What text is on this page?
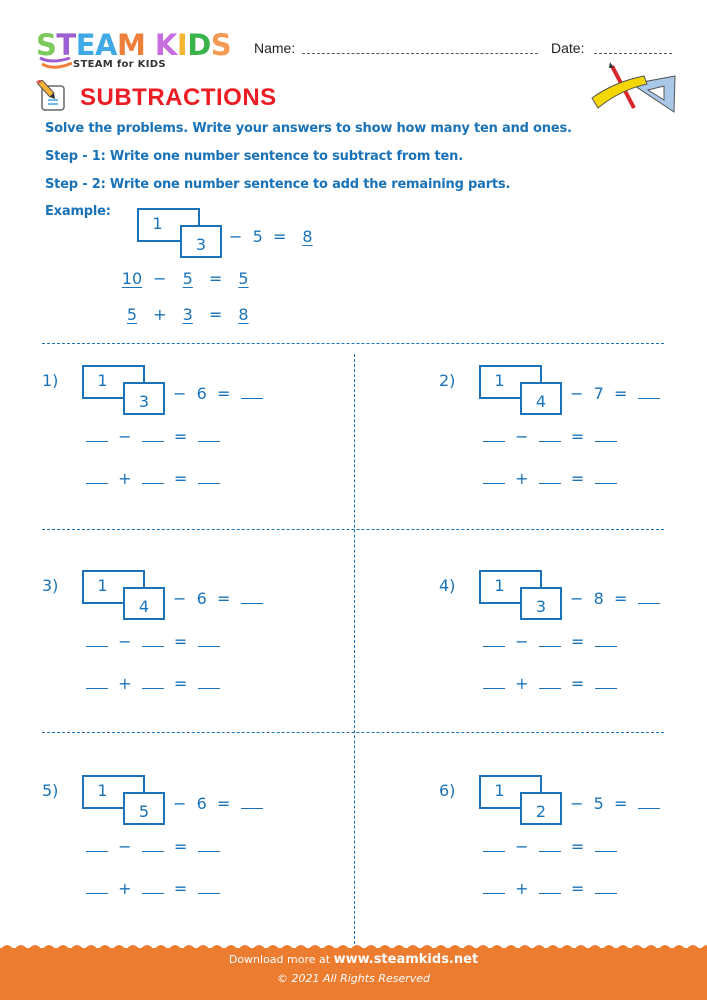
STEAM KIDS
STEAM for KIDS
Name:	Date:
SUBTRACTIONS
Solve the problems. Write your answers to show how many ten and ones.
Step - 1: Write one number sentence to subtract from ten.
Step - 2: Write one number sentence to add the remaining parts.
Example:
1
3	− 5 = 8
10 − 5 = 5
5 + 3 = 8
1)	1
3	− 6 =
−	=
+	=
2)	1
4	− 7 =
−	=
+	=
3)	1
4	− 6 =
−	=
+	=
4)	1
3	− 8 =
−	=
+	=
5)	1
5	− 6 =
−	=
+	=
6)	1
2	− 5 =
−	=
+	=
Download more at www.steamkids.net
© 2021 All Rights Reserved
